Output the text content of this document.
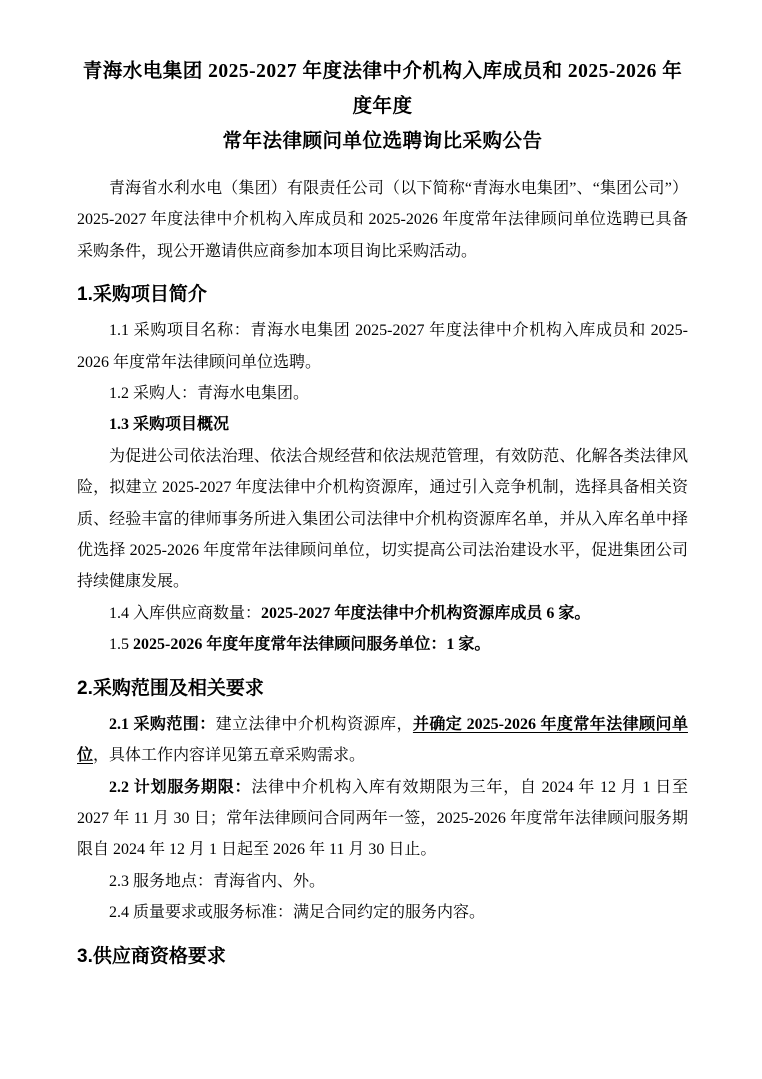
青海水电集团 2025-2027 年度法律中介机构入库成员和 2025-2026 年度年度
常年法律顾问单位选聘询比采购公告

青海省水利水电（集团）有限责任公司（以下简称“青海水电集团”、“集团公司”）2025-2027 年度法律中介机构入库成员和 2025-2026 年度常年法律顾问单位选聘已具备采购条件，现公开邀请供应商参加本项目询比采购活动。

1.采购项目简介

1.1 采购项目名称：青海水电集团 2025-2027 年度法律中介机构入库成员和 2025-2026 年度常年法律顾问单位选聘。

1.2 采购人：青海水电集团。

1.3 采购项目概况

为促进公司依法治理、依法合规经营和依法规范管理，有效防范、化解各类法律风险，拟建立 2025-2027 年度法律中介机构资源库，通过引入竞争机制，选择具备相关资质、经验丰富的律师事务所进入集团公司法律中介机构资源库名单，并从入库名单中择优选择 2025-2026 年度常年法律顾问单位，切实提高公司法治建设水平，促进集团公司持续健康发展。

1.4 入库供应商数量：2025-2027 年度法律中介机构资源库成员 6 家。

1.5 2025-2026 年度年度常年法律顾问服务单位：1 家。

2.采购范围及相关要求

2.1 采购范围：建立法律中介机构资源库，并确定 2025-2026 年度常年法律顾问单位，具体工作内容详见第五章采购需求。

2.2 计划服务期限：法律中介机构入库有效期限为三年，自 2024 年 12 月 1 日至 2027 年 11 月 30 日；常年法律顾问合同两年一签，2025-2026 年度常年法律顾问服务期限自 2024 年 12 月 1 日起至 2026 年 11 月 30 日止。

2.3 服务地点：青海省内、外。

2.4 质量要求或服务标准：满足合同约定的服务内容。

3.供应商资格要求
